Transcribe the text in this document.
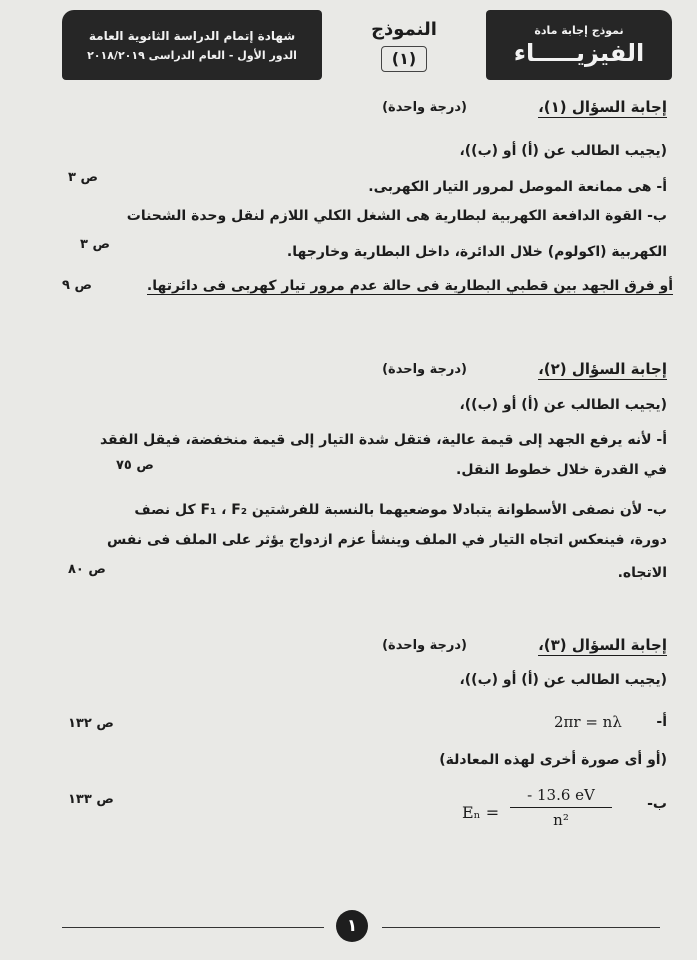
نموذج إجابة مادة
الفيزيـــــاء
النموذج
(١)
شهادة إتمام الدراسة الثانوية العامة
الدور الأول - العام الدراسى ٢٠١٨/٢٠١٩
إجابة السؤال (١)،
(درجة واحدة)
(يجيب الطالب عن (أ) أو (ب))،
أ- هى ممانعة الموصل لمرور التيار الكهربى.
ص ٣
ب- القوة الدافعة الكهربية لبطارية هى الشغل الكلي اللازم لنقل وحدة الشحنات
الكهربية (اكولوم) خلال الدائرة، داخل البطارية وخارجها.
ص ٣
أو فرق الجهد بين قطبي البطارية فى حالة عدم مرور تيار كهربى فى دائرتها.
ص ٩
إجابة السؤال (٢)،
(درجة واحدة)
(يجيب الطالب عن (أ) أو (ب))،
أ- لأنه يرفع الجهد إلى قيمة عالية، فتقل شدة التيار إلى قيمة منخفضة، فيقل الفقد
في القدرة خلال خطوط النقل.
ص ٧٥
ب- لأن نصفى الأسطوانة يتبادلا موضعيهما بالنسبة للفرشتين F₁ ، F₂ كل نصف
دورة، فينعكس اتجاه التيار في الملف وينشأ عزم ازدواج يؤثر على الملف فى نفس
الاتجاه.
ص ٨٠
إجابة السؤال (٣)،
(درجة واحدة)
(يجيب الطالب عن (أ) أو (ب))،
أ-
2πr = nλ
ص ١٣٢
(أو أى صورة أخرى لهذه المعادلة)
ب-
Eₙ =
- 13.6 eV
n²
ص ١٣٣
١
